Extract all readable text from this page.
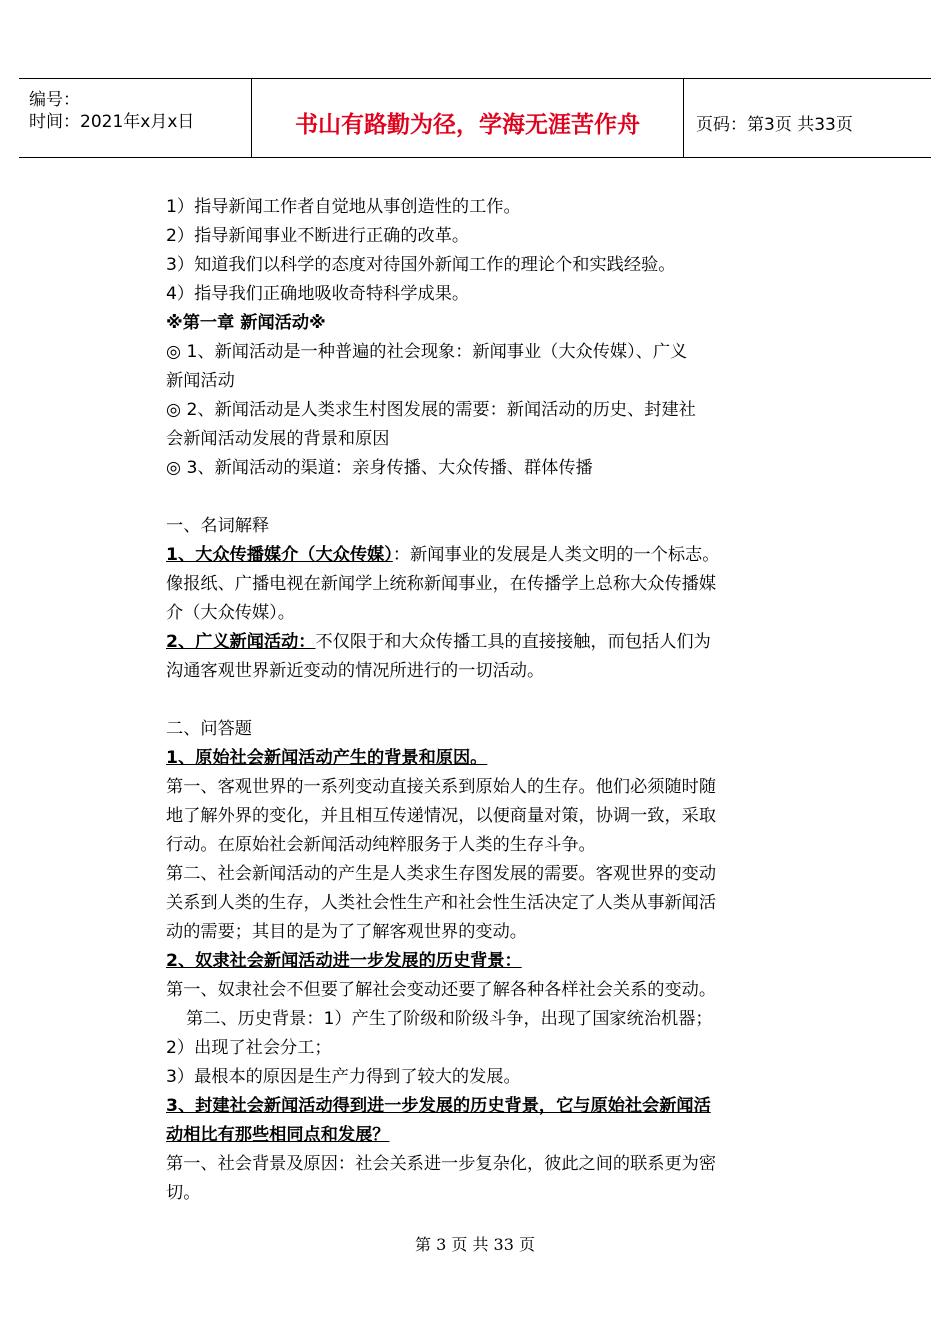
编号：
时间：2021年x月x日	书山有路勤为径，学海无涯苦作舟	页码：第3页 共33页
1）指导新闻工作者自觉地从事创造性的工作。
2）指导新闻事业不断进行正确的改革。
3）知道我们以科学的态度对待国外新闻工作的理论个和实践经验。
4）指导我们正确地吸收奇特科学成果。
※第一章 新闻活动※
◎ 1、新闻活动是一种普遍的社会现象：新闻事业（大众传媒）、广义
新闻活动
◎ 2、新闻活动是人类求生村图发展的需要：新闻活动的历史、封建社
会新闻活动发展的背景和原因
◎ 3、新闻活动的渠道：亲身传播、大众传播、群体传播
一、名词解释
1、大众传播媒介（大众传媒）：新闻事业的发展是人类文明的一个标志。
像报纸、广播电视在新闻学上统称新闻事业，在传播学上总称大众传播媒
介（大众传媒）。
2、广义新闻活动：不仅限于和大众传播工具的直接接触，而包括人们为
沟通客观世界新近变动的情况所进行的一切活动。
二、问答题
1、原始社会新闻活动产生的背景和原因。
第一、客观世界的一系列变动直接关系到原始人的生存。他们必须随时随
地了解外界的变化，并且相互传递情况，以便商量对策，协调一致，采取
行动。在原始社会新闻活动纯粹服务于人类的生存斗争。
第二、社会新闻活动的产生是人类求生存图发展的需要。客观世界的变动
关系到人类的生存，人类社会性生产和社会性生活决定了人类从事新闻活
动的需要；其目的是为了了解客观世界的变动。
2、奴隶社会新闻活动进一步发展的历史背景：
第一、奴隶社会不但要了解社会变动还要了解各种各样社会关系的变动。
第二、历史背景：1）产生了阶级和阶级斗争，出现了国家统治机器；
2）出现了社会分工；
3）最根本的原因是生产力得到了较大的发展。
3、封建社会新闻活动得到进一步发展的历史背景，它与原始社会新闻活
动相比有那些相同点和发展？
第一、社会背景及原因：社会关系进一步复杂化，彼此之间的联系更为密
切。
第 3 页 共 33 页
